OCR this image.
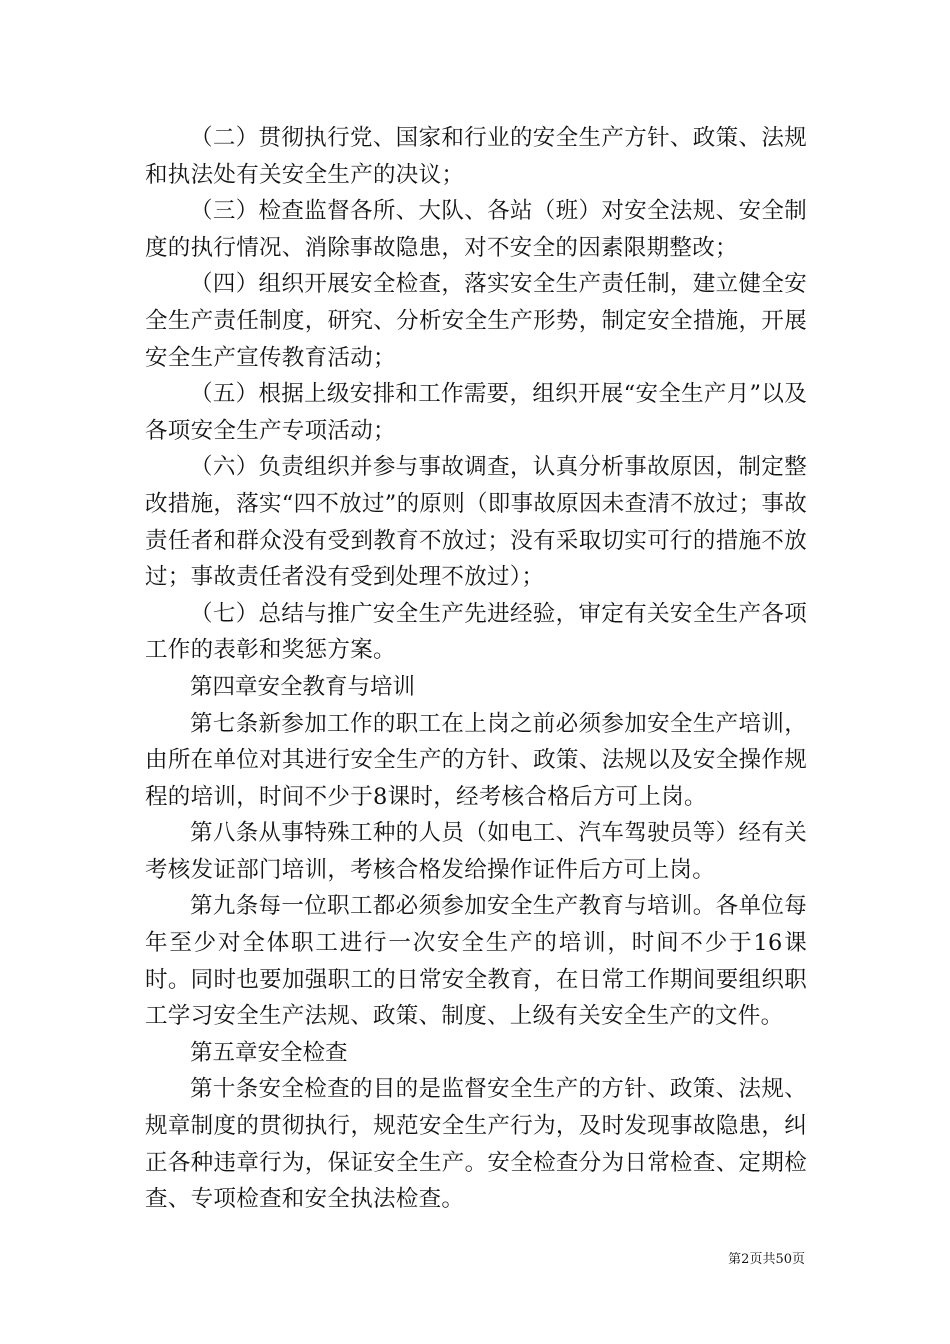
（二）贯彻执行党、国家和行业的安全生产方针、政策、法规和执法处有关安全生产的决议；

（三）检查监督各所、大队、各站（班）对安全法规、安全制度的执行情况、消除事故隐患，对不安全的因素限期整改；

（四）组织开展安全检查，落实安全生产责任制，建立健全安全生产责任制度，研究、分析安全生产形势，制定安全措施，开展安全生产宣传教育活动；

（五）根据上级安排和工作需要，组织开展“安全生产月”以及各项安全生产专项活动；

（六）负责组织并参与事故调查，认真分析事故原因，制定整改措施，落实“四不放过”的原则（即事故原因未查清不放过；事故责任者和群众没有受到教育不放过；没有采取切实可行的措施不放过；事故责任者没有受到处理不放过）；

（七）总结与推广安全生产先进经验，审定有关安全生产各项工作的表彰和奖惩方案。

第四章安全教育与培训

第七条新参加工作的职工在上岗之前必须参加安全生产培训，由所在单位对其进行安全生产的方针、政策、法规以及安全操作规程的培训，时间不少于8课时，经考核合格后方可上岗。

第八条从事特殊工种的人员（如电工、汽车驾驶员等）经有关考核发证部门培训，考核合格发给操作证件后方可上岗。

第九条每一位职工都必须参加安全生产教育与培训。各单位每年至少对全体职工进行一次安全生产的培训，时间不少于16课时。同时也要加强职工的日常安全教育，在日常工作期间要组织职工学习安全生产法规、政策、制度、上级有关安全生产的文件。

第五章安全检查

第十条安全检查的目的是监督安全生产的方针、政策、法规、规章制度的贯彻执行，规范安全生产行为，及时发现事故隐患，纠正各种违章行为，保证安全生产。安全检查分为日常检查、定期检查、专项检查和安全执法检查。

第2页共50页
